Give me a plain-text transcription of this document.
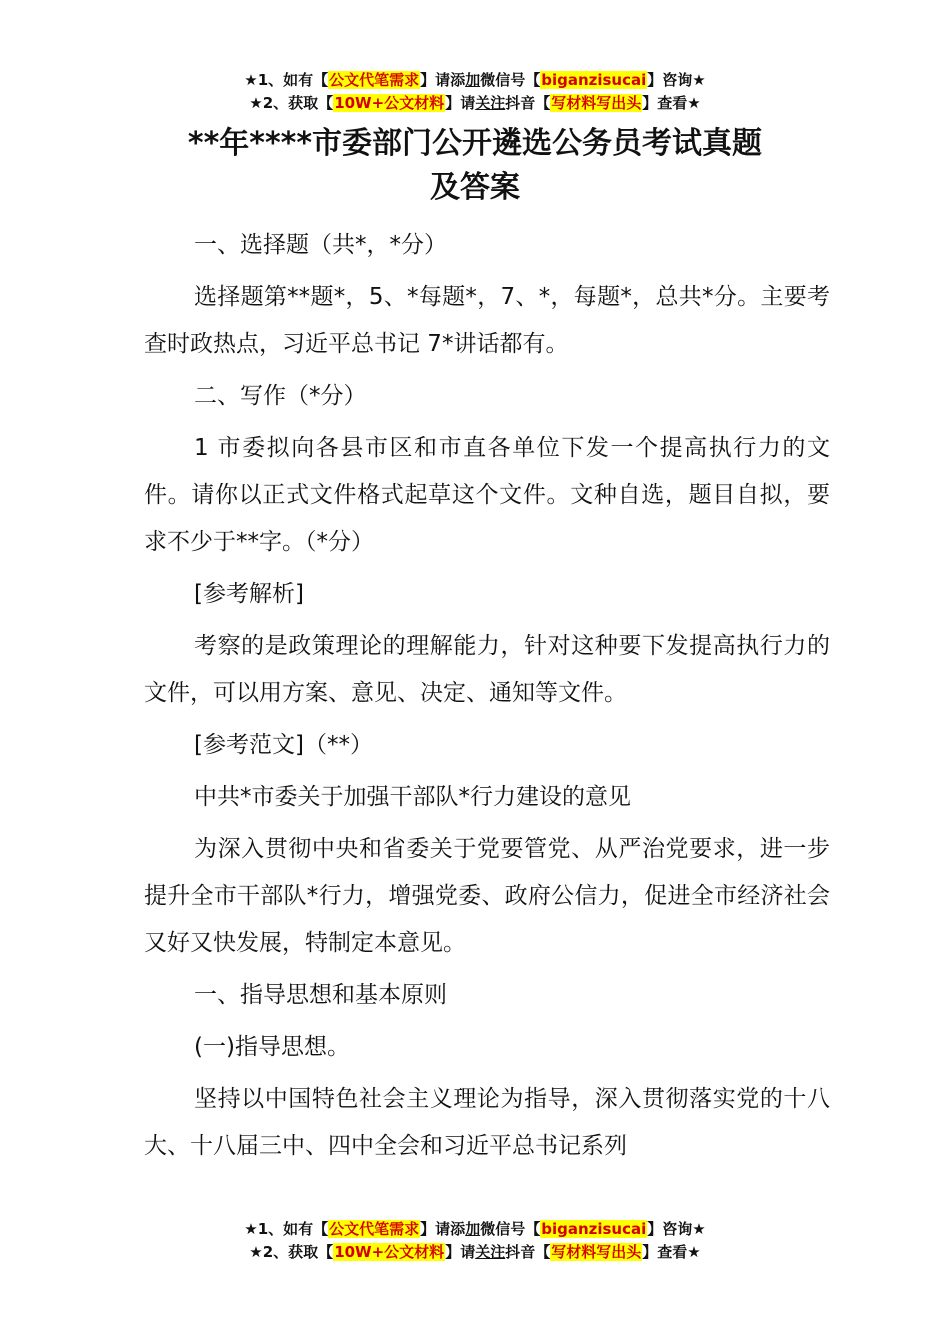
★1、如有【公文代笔需求】请添加微信号【biganzisucai】咨询★
★2、获取【10W+公文材料】请关注抖音【写材料写出头】查看★
**年****市委部门公开遴选公务员考试真题
及答案

一、选择题（共*，*分）

选择题第**题*，5、*每题*，7、*，每题*，总共*分。主要考查时政热点，习近平总书记 7*讲话都有。

二、写作（*分）

1 市委拟向各县市区和市直各单位下发一个提高执行力的文件。请你以正式文件格式起草这个文件。文种自选，题目自拟，要求不少于**字。（*分）

[参考解析]

考察的是政策理论的理解能力，针对这种要下发提高执行力的文件，可以用方案、意见、决定、通知等文件。

[参考范文]（**）

中共*市委关于加强干部队*行力建设的意见

为深入贯彻中央和省委关于党要管党、从严治党要求，进一步提升全市干部队*行力，增强党委、政府公信力，促进全市经济社会又好又快发展，特制定本意见。

一、指导思想和基本原则

(一)指导思想。

坚持以中国特色社会主义理论为指导，深入贯彻落实党的十八大、十八届三中、四中全会和习近平总书记系列

★1、如有【公文代笔需求】请添加微信号【biganzisucai】咨询★
★2、获取【10W+公文材料】请关注抖音【写材料写出头】查看★
